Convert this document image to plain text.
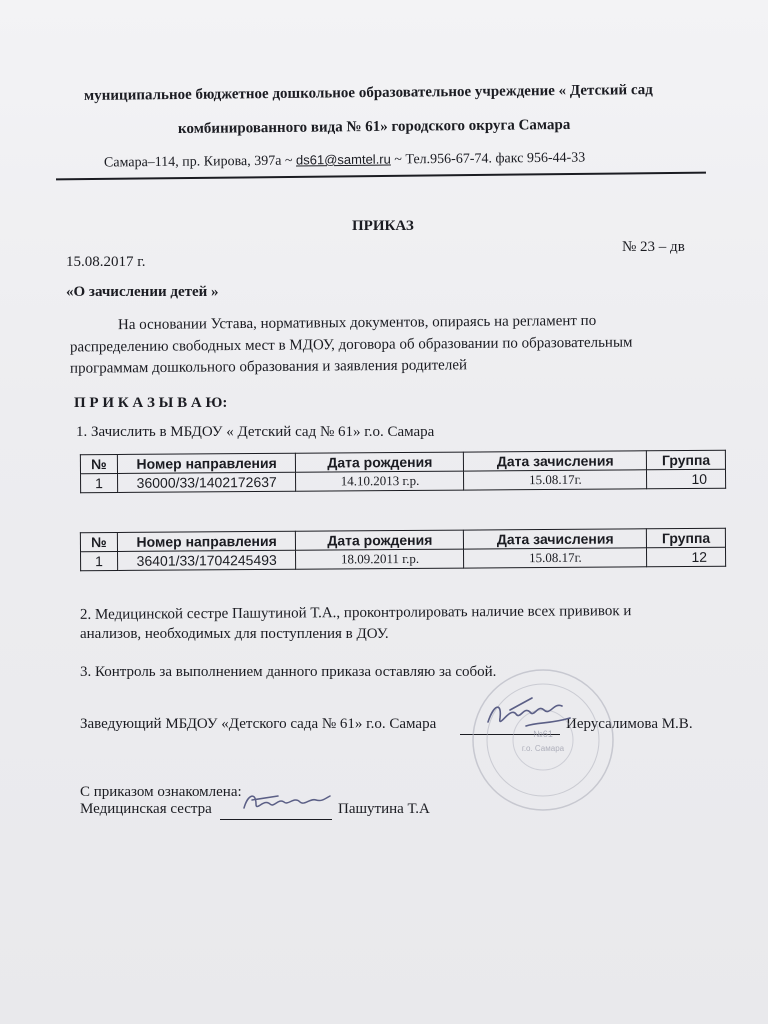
муниципальное бюджетное дошкольное образовательное учреждение « Детский сад
комбинированного вида № 61» городского округа Самара
Самара–114, пр. Кирова, 397а ~ ds61@samtel.ru ~ Тел.956-67-74. факс 956-44-33
ПРИКАЗ
15.08.2017 г.
№ 23 – дв
«О зачислении детей »
На основании Устава, нормативных документов, опираясь на регламент по
распределению свободных мест в МДОУ, договора об образовании по образовательным
программам дошкольного образования и заявления родителей
П Р И К А З Ы В А Ю:
1. Зачислить в МБДОУ « Детский сад № 61» г.о. Самара
№	Номер направления	Дата рождения	Дата зачисления	Группа
1	36000/33/1402172637	14.10.2013 г.р.	15.08.17г.	10
№	Номер направления	Дата рождения	Дата зачисления	Группа
1	36401/33/1704245493	18.09.2011 г.р.	15.08.17г.	12
2. Медицинской сестре Пашутиной Т.А., проконтролировать наличие всех прививок и
анализов, необходимых для поступления в ДОУ.
3. Контроль за выполнением данного приказа оставляю за собой.
Заведующий МБДОУ «Детского сада № 61» г.о. Самара	Иерусалимова М.В.
№61
г.о. Самара
С приказом ознакомлена:
Медицинская сестра	Пашутина Т.А
